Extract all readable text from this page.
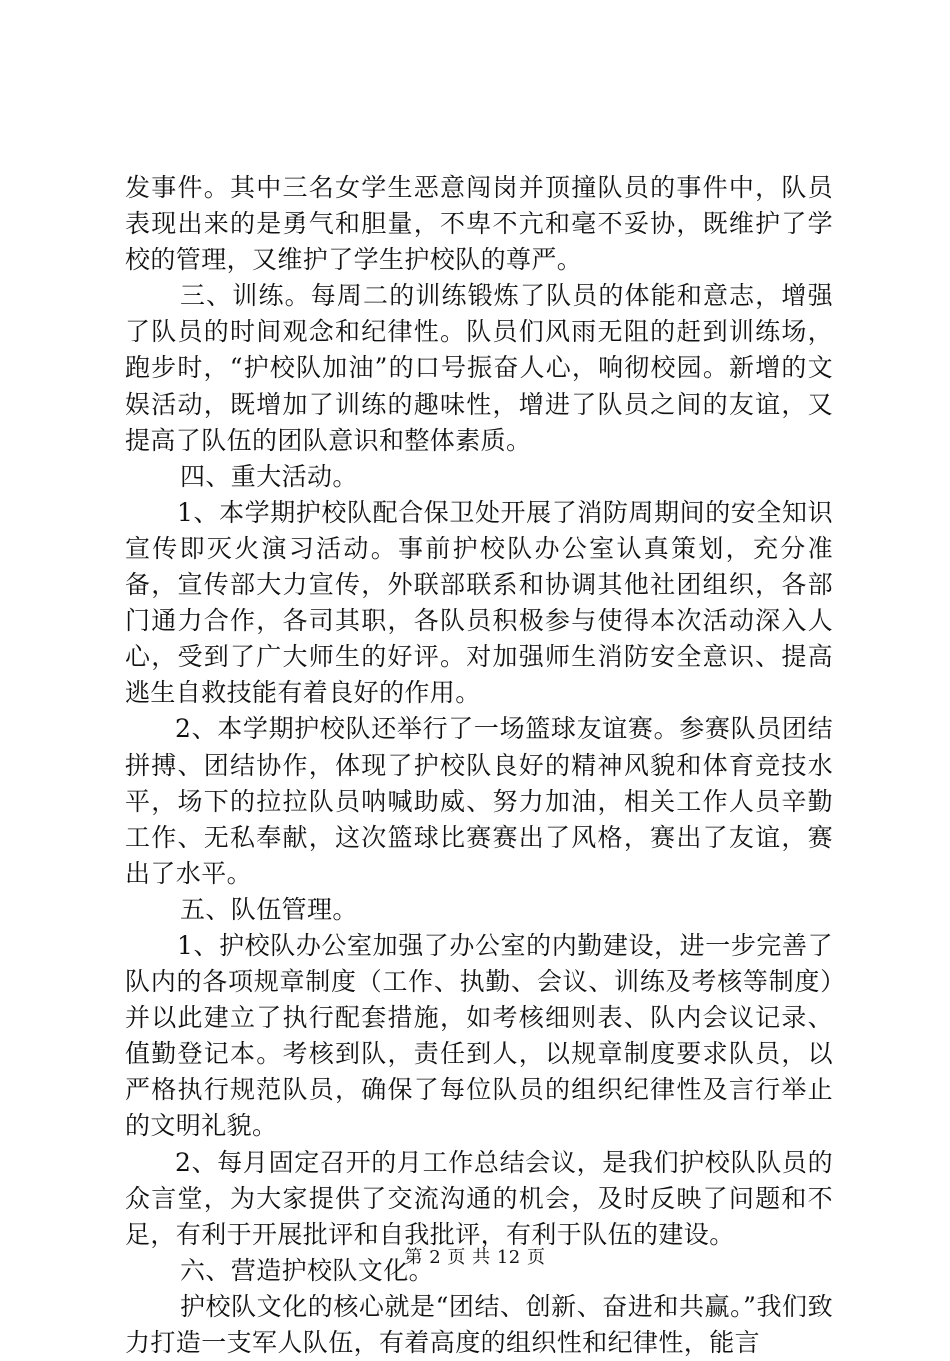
发事件。其中三名女学生恶意闯岗并顶撞队员的事件中，队员表现出来的是勇气和胆量，不卑不亢和毫不妥协，既维护了学校的管理，又维护了学生护校队的尊严。

三、训练。每周二的训练锻炼了队员的体能和意志，增强了队员的时间观念和纪律性。队员们风雨无阻的赶到训练场，跑步时，“护校队加油”的口号振奋人心，响彻校园。新增的文娱活动，既增加了训练的趣味性，增进了队员之间的友谊，又提高了队伍的团队意识和整体素质。

四、重大活动。

1、本学期护校队配合保卫处开展了消防周期间的安全知识宣传即灭火演习活动。事前护校队办公室认真策划，充分准备，宣传部大力宣传，外联部联系和协调其他社团组织，各部门通力合作，各司其职，各队员积极参与使得本次活动深入人心，受到了广大师生的好评。对加强师生消防安全意识、提高逃生自救技能有着良好的作用。

2、本学期护校队还举行了一场篮球友谊赛。参赛队员团结拼搏、团结协作，体现了护校队良好的精神风貌和体育竞技水平，场下的拉拉队员呐喊助威、努力加油，相关工作人员辛勤工作、无私奉献，这次篮球比赛赛出了风格，赛出了友谊，赛出了水平。

五、队伍管理。

1、护校队办公室加强了办公室的内勤建设，进一步完善了队内的各项规章制度（工作、执勤、会议、训练及考核等制度）并以此建立了执行配套措施，如考核细则表、队内会议记录、值勤登记本。考核到队，责任到人，以规章制度要求队员，以严格执行规范队员，确保了每位队员的组织纪律性及言行举止的文明礼貌。

2、每月固定召开的月工作总结会议，是我们护校队队员的众言堂，为大家提供了交流沟通的机会，及时反映了问题和不足，有利于开展批评和自我批评，有利于队伍的建设。

六、营造护校队文化。

护校队文化的核心就是“团结、创新、奋进和共赢。”我们致力打造一支军人队伍，有着高度的组织性和纪律性，能言

第 2 页 共 12 页
